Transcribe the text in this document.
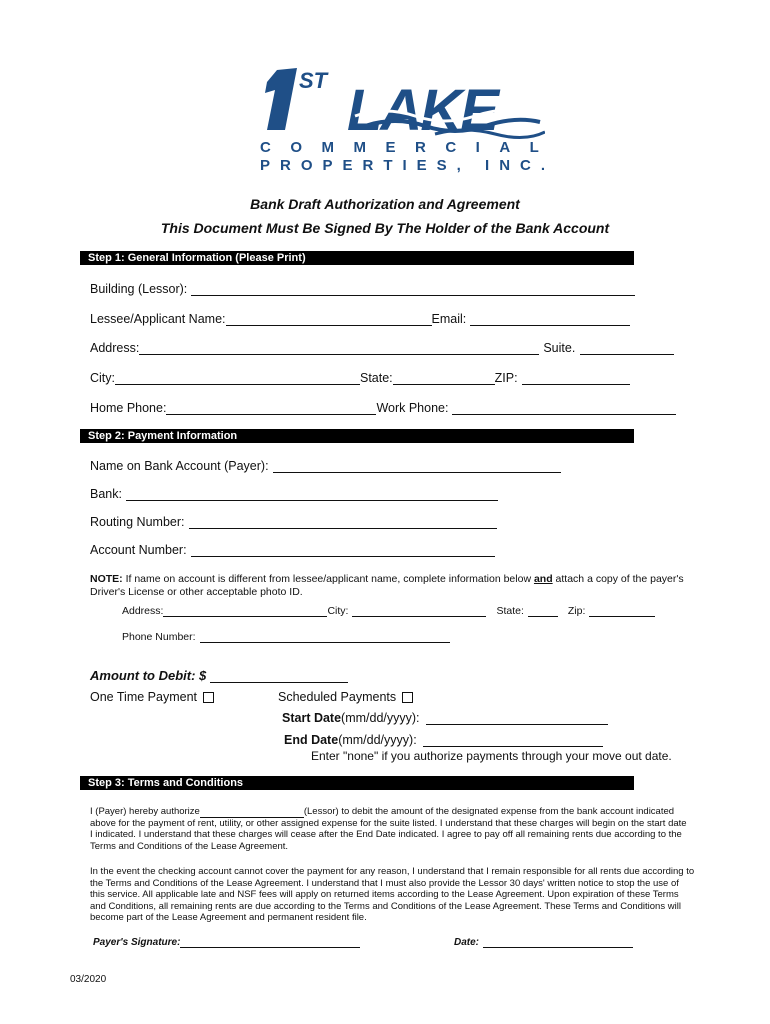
ST LAKE
COMMERCIAL
PROPERTIES, INC.
Bank Draft Authorization and Agreement
This Document Must Be Signed By The Holder of the Bank Account
Step 1: General Information (Please Print)
Building (Lessor):
Lessee/Applicant Name:	Email:
Address:	Suite.
City:	State:	ZIP:
Home Phone:	Work Phone:
Step 2: Payment Information
Name on Bank Account (Payer):
Bank:
Routing Number:
Account Number:
NOTE: If name on account is different from lessee/applicant name, complete information below and attach a copy of the payer's
Driver's License or other acceptable photo ID.
Address:	City:	State:	Zip:
Phone Number:
Amount to Debit: $
One Time Payment	Scheduled Payments
Start Date (mm/dd/yyyy):
End Date (mm/dd/yyyy):
Enter "none" if you authorize payments through your move out date.
Step 3: Terms and Conditions
I (Payer) hereby authorize	(Lessor) to debit the amount of the designated expense from the bank account indicated
above for the payment of rent, utility, or other assigned expense for the suite listed. I understand that these charges will begin on the start date
I indicated. I understand that these charges will cease after the End Date indicated. I agree to pay off all remaining rents due according to the
Terms and Conditions of the Lease Agreement.
In the event the checking account cannot cover the payment for any reason, I understand that I remain responsible for all rents due according to
the Terms and Conditions of the Lease Agreement. I understand that I must also provide the Lessor 30 days' written notice to stop the use of
this service. All applicable late and NSF fees will apply on returned items according to the Lease Agreement. Upon expiration of these Terms
and Conditions, all remaining rents are due according to the Terms and Conditions of the Lease Agreement. These Terms and Conditions will
become part of the Lease Agreement and permanent resident file.
Payer's Signature:	Date:
03/2020
